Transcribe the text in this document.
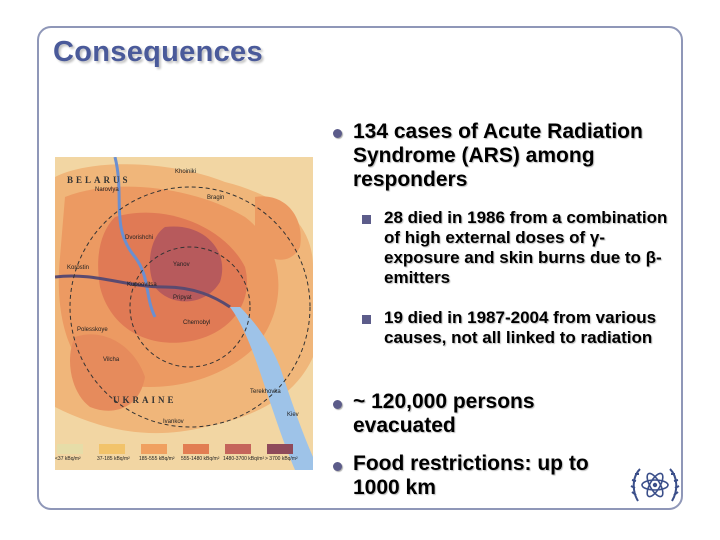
Consequences
BELARUS
UKRAINE
Chernobyl
Pripyat
Khoiniki
Bragin
Narovlya
Dvorishchi
Yanov
Kiev
Ivankov
Polesskoye
Kupoovitsa
Korostin
Vilcha
Terekhovka
<37 kBq/m²	37-185 kBq/m²	185-555 kBq/m²	555-1480 kBq/m² 1480-3700 kBq/m² > 3700 kBq/m²
134 cases of Acute Radiation Syndrome (ARS) among responders
28 died in 1986 from a combination of high external doses of γ-exposure and skin burns due to β-emitters
19 died in 1987-2004 from various causes, not all linked to radiation
~ 120,000 persons evacuated
Food restrictions: up to 1000 km
